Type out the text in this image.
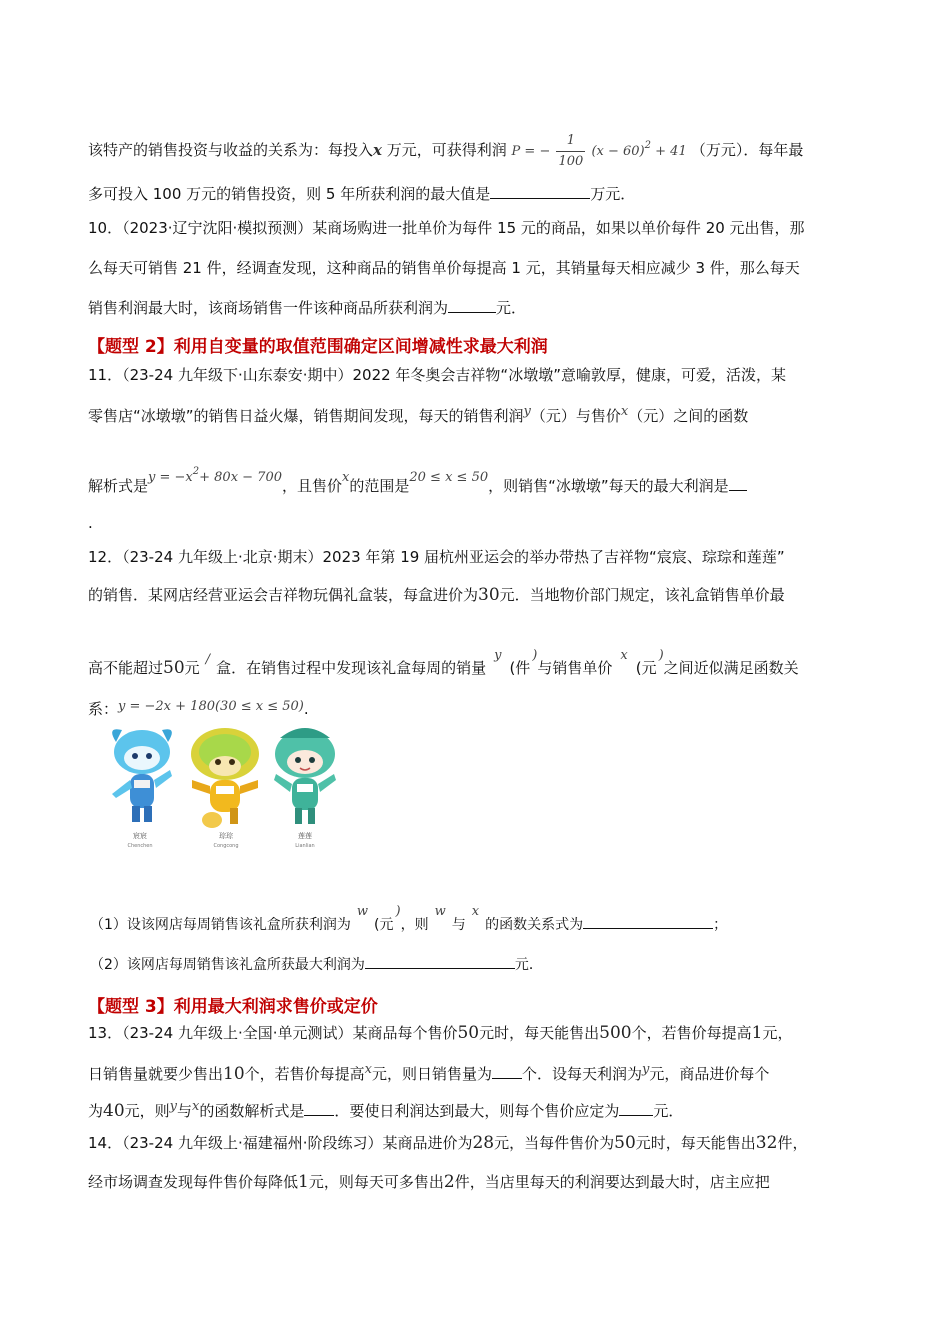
该特产的销售投资与收益的关系为：每投入x 万元，可获得利润 P = − $\frac{1}{100} (x - 60)^2 + 41$ （万元）．每年最
多可投入 100 万元的销售投资，则 5 年所获利润的最大值是	万元．
10．（2023·辽宁沈阳·模拟预测）某商场购进一批单价为每件 15 元的商品，如果以单价每件 20 元出售，那
么每天可销售 21 件，经调查发现，这种商品的销售单价每提高 1 元，其销量每天相应减少 3 件，那么每天
销售利润最大时，该商场销售一件该种商品所获利润为	元．
【题型 2】利用自变量的取值范围确定区间增减性求最大利润
11．（23-24 九年级下·山东泰安·期中）2022 年冬奥会吉祥物“冰墩墩”意喻敦厚，健康，可爱，活泼，某
零售店“冰墩墩”的销售日益火爆，销售期间发现，每天的销售利润y（元）与售价x（元）之间的函数
解析式是$y = -x^2+ 80x - 700$，且售价x的范围是20 ≤ x ≤ 50，则销售“冰墩墩”每天的最大利润是
.
12．（23-24 九年级上·北京·期末）2023 年第 19 届杭州亚运会的举办带热了吉祥物“宸宸、琮琮和莲莲”
的销售．某网店经营亚运会吉祥物玩偶礼盒装，每盒进价为30元．当地物价部门规定，该礼盒销售单价最
高不能超过50元 / 盒．在销售过程中发现该礼盒每周的销量y(件)与销售单价x(元)之间近似满足函数关
系：y = −2x + 180(30 ≤ x ≤ 50).
宸宸
Chenchen
琮琮
Congcong
莲莲
Lianlian
（1）设该网店每周销售该礼盒所获利润为w(元)，则w与x的函数关系式为	；
（2）该网店每周销售该礼盒所获最大利润为	元．
【题型 3】利用最大利润求售价或定价
13．（23-24 九年级上·全国·单元测试）某商品每个售价50元时，每天能售出500个，若售价每提高1元，
日销售量就要少售出10个，若售价每提高x元，则日销售量为 个．设每天利润为y元，商品进价每个
为40元，则y与x的函数解析式是 ．要使日利润达到最大，则每个售价应定为 元．
14．（23-24 九年级上·福建福州·阶段练习）某商品进价为28元，当每件售价为50元时，每天能售出32件，
经市场调查发现每件售价每降低1元，则每天可多售出2件，当店里每天的利润要达到最大时，店主应把
